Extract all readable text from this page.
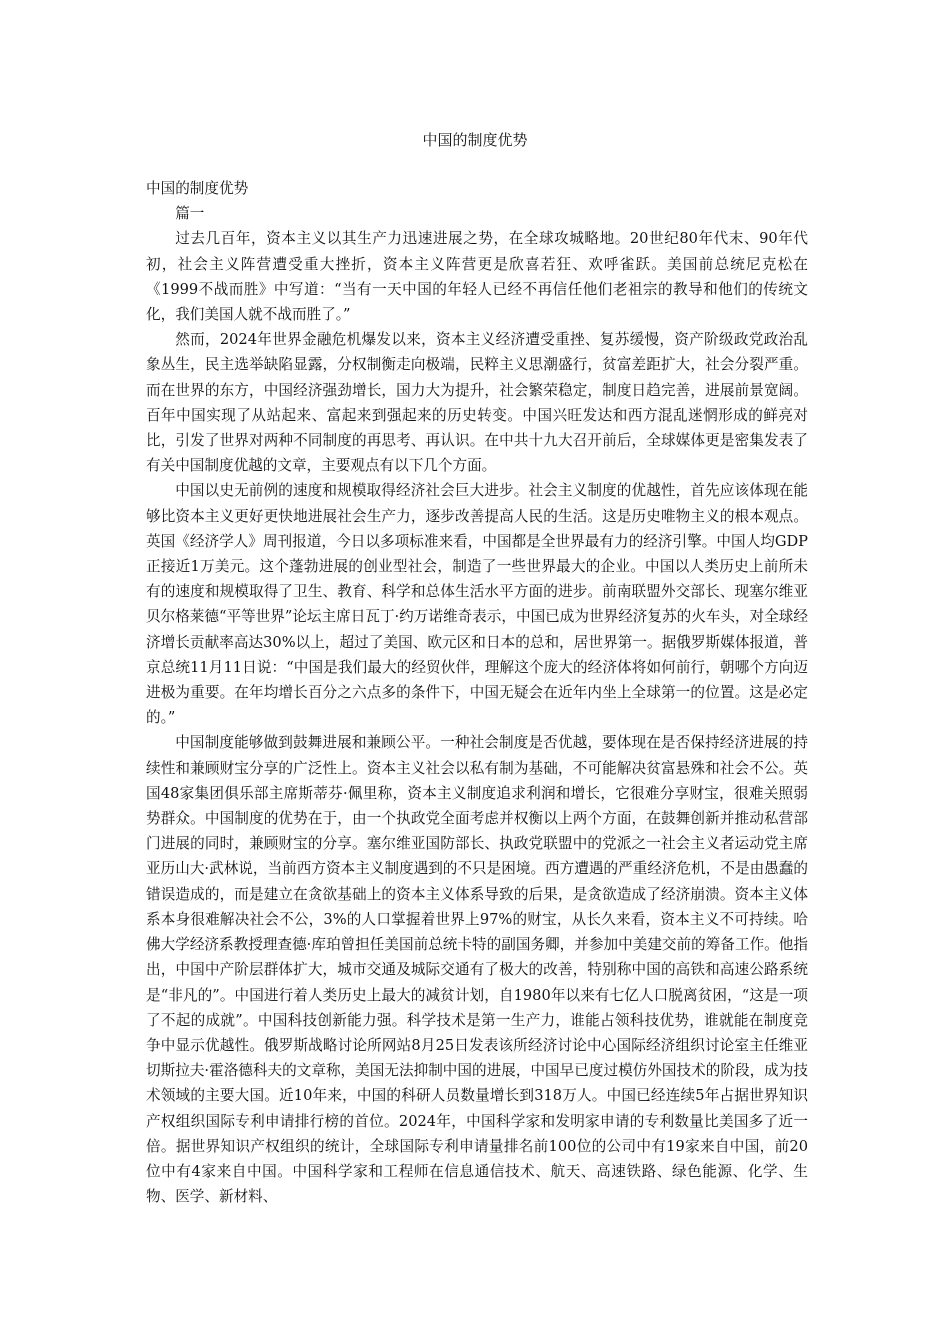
中国的制度优势

中国的制度优势

篇一

过去几百年，资本主义以其生产力迅速进展之势，在全球攻城略地。20世纪80年代末、90年代初，社会主义阵营遭受重大挫折，资本主义阵营更是欣喜若狂、欢呼雀跃。美国前总统尼克松在《1999不战而胜》中写道：“当有一天中国的年轻人已经不再信任他们老祖宗的教导和他们的传统文化，我们美国人就不战而胜了。”

然而，2024年世界金融危机爆发以来，资本主义经济遭受重挫、复苏缓慢，资产阶级政党政治乱象丛生，民主选举缺陷显露，分权制衡走向极端，民粹主义思潮盛行，贫富差距扩大，社会分裂严重。而在世界的东方，中国经济强劲增长，国力大为提升，社会繁荣稳定，制度日趋完善，进展前景宽阔。百年中国实现了从站起来、富起来到强起来的历史转变。中国兴旺发达和西方混乱迷惘形成的鲜亮对比，引发了世界对两种不同制度的再思考、再认识。在中共十九大召开前后，全球媒体更是密集发表了有关中国制度优越的文章，主要观点有以下几个方面。

中国以史无前例的速度和规模取得经济社会巨大进步。社会主义制度的优越性，首先应该体现在能够比资本主义更好更快地进展社会生产力，逐步改善提高人民的生活。这是历史唯物主义的根本观点。英国《经济学人》周刊报道，今日以多项标准来看，中国都是全世界最有力的经济引擎。中国人均GDP正接近1万美元。这个蓬勃进展的创业型社会，制造了一些世界最大的企业。中国以人类历史上前所未有的速度和规模取得了卫生、教育、科学和总体生活水平方面的进步。前南联盟外交部长、现塞尔维亚贝尔格莱德“平等世界”论坛主席日瓦丁·约万诺维奇表示，中国已成为世界经济复苏的火车头，对全球经济增长贡献率高达30%以上，超过了美国、欧元区和日本的总和，居世界第一。据俄罗斯媒体报道，普京总统11月11日说：“中国是我们最大的经贸伙伴，理解这个庞大的经济体将如何前行，朝哪个方向迈进极为重要。在年均增长百分之六点多的条件下，中国无疑会在近年内坐上全球第一的位置。这是必定的。”

中国制度能够做到鼓舞进展和兼顾公平。一种社会制度是否优越，要体现在是否保持经济进展的持续性和兼顾财宝分享的广泛性上。资本主义社会以私有制为基础，不可能解决贫富悬殊和社会不公。英国48家集团俱乐部主席斯蒂芬·佩里称，资本主义制度追求利润和增长，它很难分享财宝，很难关照弱势群众。中国制度的优势在于，由一个执政党全面考虑并权衡以上两个方面，在鼓舞创新并推动私营部门进展的同时，兼顾财宝的分享。塞尔维亚国防部长、执政党联盟中的党派之一社会主义者运动党主席亚历山大·武林说，当前西方资本主义制度遇到的不只是困境。西方遭遇的严重经济危机，不是由愚蠢的错误造成的，而是建立在贪欲基础上的资本主义体系导致的后果，是贪欲造成了经济崩溃。资本主义体系本身很难解决社会不公，3%的人口掌握着世界上97%的财宝，从长久来看，资本主义不可持续。哈佛大学经济系教授理查德·库珀曾担任美国前总统卡特的副国务卿，并参加中美建交前的筹备工作。他指出，中国中产阶层群体扩大，城市交通及城际交通有了极大的改善，特别称中国的高铁和高速公路系统是“非凡的”。中国进行着人类历史上最大的减贫计划，自1980年以来有七亿人口脱离贫困，“这是一项了不起的成就”。中国科技创新能力强。科学技术是第一生产力，谁能占领科技优势，谁就能在制度竞争中显示优越性。俄罗斯战略讨论所网站8月25日发表该所经济讨论中心国际经济组织讨论室主任维亚切斯拉夫·霍洛德科夫的文章称，美国无法抑制中国的进展，中国早已度过模仿外国技术的阶段，成为技术领域的主要大国。近10年来，中国的科研人员数量增长到318万人。中国已经连续5年占据世界知识产权组织国际专利申请排行榜的首位。2024年，中国科学家和发明家申请的专利数量比美国多了近一倍。据世界知识产权组织的统计，全球国际专利申请量排名前100位的公司中有19家来自中国，前20位中有4家来自中国。中国科学家和工程师在信息通信技术、航天、高速铁路、绿色能源、化学、生物、医学、新材料、
